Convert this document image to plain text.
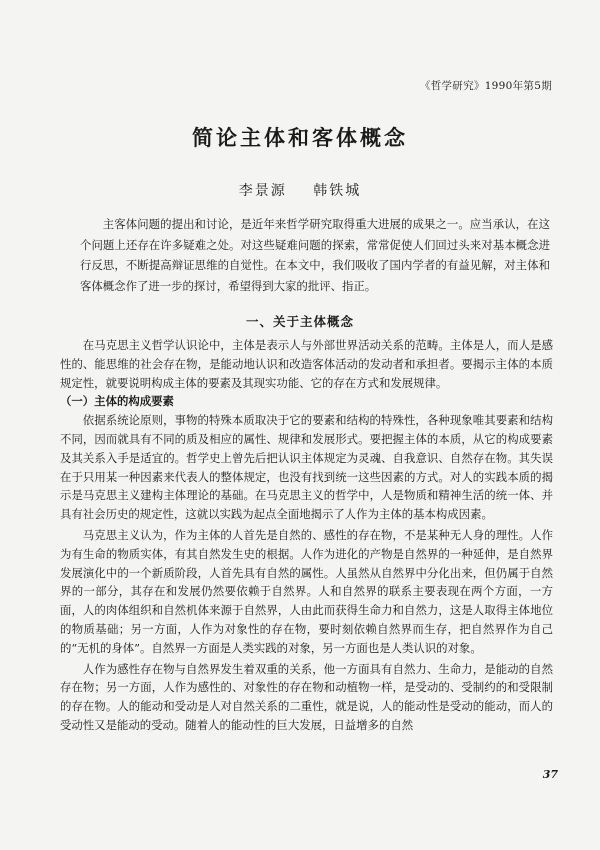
《哲学研究》1990年第5期
简论主体和客体概念
李景源 韩铁城

主客体问题的提出和讨论，是近年来哲学研究取得重大进展的成果之一。应当承认，在这个问题上还存在许多疑难之处。对这些疑难问题的探索，常常促使人们回过头来对基本概念进行反思，不断提高辩证思维的自觉性。在本文中，我们吸收了国内学者的有益见解，对主体和客体概念作了进一步的探讨，希望得到大家的批评、指正。

一、关于主体概念

在马克思主义哲学认识论中，主体是表示人与外部世界活动关系的范畴。主体是人，而人是感性的、能思维的社会存在物，是能动地认识和改造客体活动的发动者和承担者。要揭示主体的本质规定性，就要说明构成主体的要素及其现实功能、它的存在方式和发展规律。

（一）主体的构成要素

依据系统论原则，事物的特殊本质取决于它的要素和结构的特殊性，各种现象唯其要素和结构不同，因而就具有不同的质及相应的属性、规律和发展形式。要把握主体的本质，从它的构成要素及其关系入手是适宜的。哲学史上曾先后把认识主体规定为灵魂、自我意识、自然存在物。其失误在于只用某一种因素来代表人的整体规定，也没有找到统一这些因素的方式。对人的实践本质的揭示是马克思主义建构主体理论的基础。在马克思主义的哲学中，人是物质和精神生活的统一体、并具有社会历史的规定性，这就以实践为起点全面地揭示了人作为主体的基本构成因素。

马克思主义认为，作为主体的人首先是自然的、感性的存在物，不是某种无人身的理性。人作为有生命的物质实体，有其自然发生史的根据。人作为进化的产物是自然界的一种延伸，是自然界发展演化中的一个新质阶段，人首先具有自然的属性。人虽然从自然界中分化出来，但仍属于自然界的一部分，其存在和发展仍然要依赖于自然界。人和自然界的联系主要表现在两个方面，一方面，人的肉体组织和自然机体来源于自然界，人由此而获得生命力和自然力，这是人取得主体地位的物质基础；另一方面，人作为对象性的存在物，要时刻依赖自然界而生存，把自然界作为自己的“无机的身体”。自然界一方面是人类实践的对象，另一方面也是人类认识的对象。

人作为感性存在物与自然界发生着双重的关系，他一方面具有自然力、生命力，是能动的自然存在物；另一方面，人作为感性的、对象性的存在物和动植物一样，是受动的、受制约的和受限制的存在物。人的能动和受动是人对自然关系的二重性，就是说，人的能动性是受动的能动，而人的受动性又是能动的受动。随着人的能动性的巨大发展，日益增多的自然

37
